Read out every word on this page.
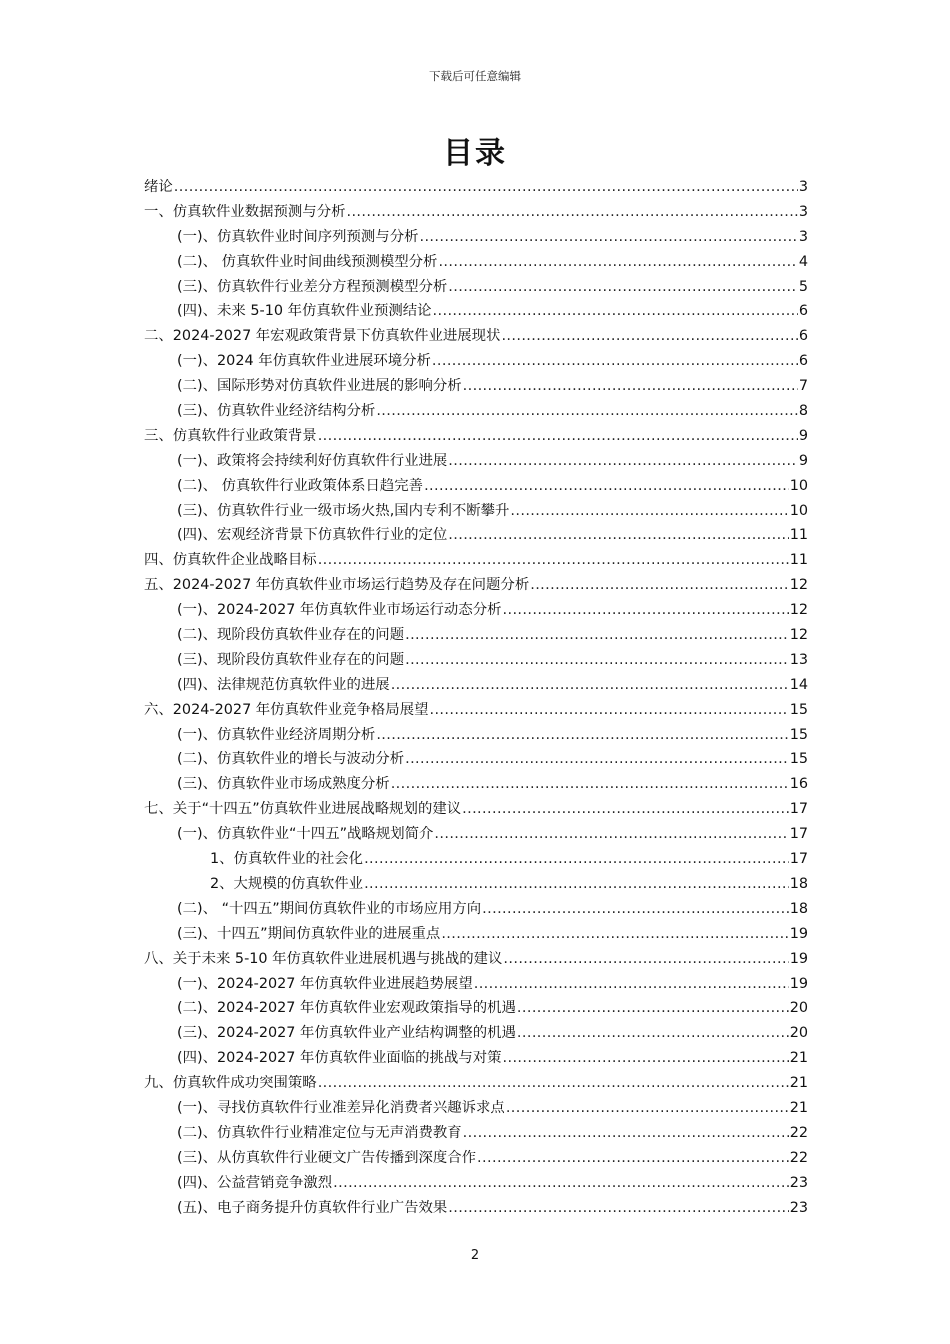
下载后可任意编辑
目录
绪论 .....	3
一、仿真软件业数据预测与分析 .....	3
(一)、仿真软件业时间序列预测与分析 .....	3
(二)、 仿真软件业时间曲线预测模型分析 .....	4
(三)、仿真软件行业差分方程预测模型分析 .....	5
(四)、未来 5-10 年仿真软件业预测结论 .....	6
二、2024-2027 年宏观政策背景下仿真软件业进展现状 .....	6
(一)、2024 年仿真软件业进展环境分析 .....	6
(二)、国际形势对仿真软件业进展的影响分析 .....	7
(三)、仿真软件业经济结构分析 .....	8
三、仿真软件行业政策背景 .....	9
(一)、政策将会持续利好仿真软件行业进展 .....	9
(二)、 仿真软件行业政策体系日趋完善 .....	10
(三)、仿真软件行业一级市场火热,国内专利不断攀升 .....	10
(四)、宏观经济背景下仿真软件行业的定位 .....	11
四、仿真软件企业战略目标 .....	11
五、2024-2027 年仿真软件业市场运行趋势及存在问题分析 .....	12
(一)、2024-2027 年仿真软件业市场运行动态分析 .....	12
(二)、现阶段仿真软件业存在的问题 .....	12
(三)、现阶段仿真软件业存在的问题 .....	13
(四)、法律规范仿真软件业的进展 .....	14
六、2024-2027 年仿真软件业竞争格局展望 .....	15
(一)、仿真软件业经济周期分析 .....	15
(二)、仿真软件业的增长与波动分析 .....	15
(三)、仿真软件业市场成熟度分析 .....	16
七、关于“十四五”仿真软件业进展战略规划的建议 .....	17
(一)、仿真软件业“十四五”战略规划简介 .....	17
1、仿真软件业的社会化 .....	17
2、大规模的仿真软件业 .....	18
(二)、 “十四五”期间仿真软件业的市场应用方向 .....	18
(三)、十四五”期间仿真软件业的进展重点 .....	19
八、关于未来 5-10 年仿真软件业进展机遇与挑战的建议 .....	19
(一)、2024-2027 年仿真软件业进展趋势展望 .....	19
(二)、2024-2027 年仿真软件业宏观政策指导的机遇 .....	20
(三)、2024-2027 年仿真软件业产业结构调整的机遇 .....	20
(四)、2024-2027 年仿真软件业面临的挑战与对策 .....	21
九、仿真软件成功突围策略 .....	21
(一)、寻找仿真软件行业准差异化消费者兴趣诉求点 .....	21
(二)、仿真软件行业精准定位与无声消费教育 .....	22
(三)、从仿真软件行业硬文广告传播到深度合作 .....	22
(四)、公益营销竞争激烈 .....	23
(五)、电子商务提升仿真软件行业广告效果 .....	23
2
